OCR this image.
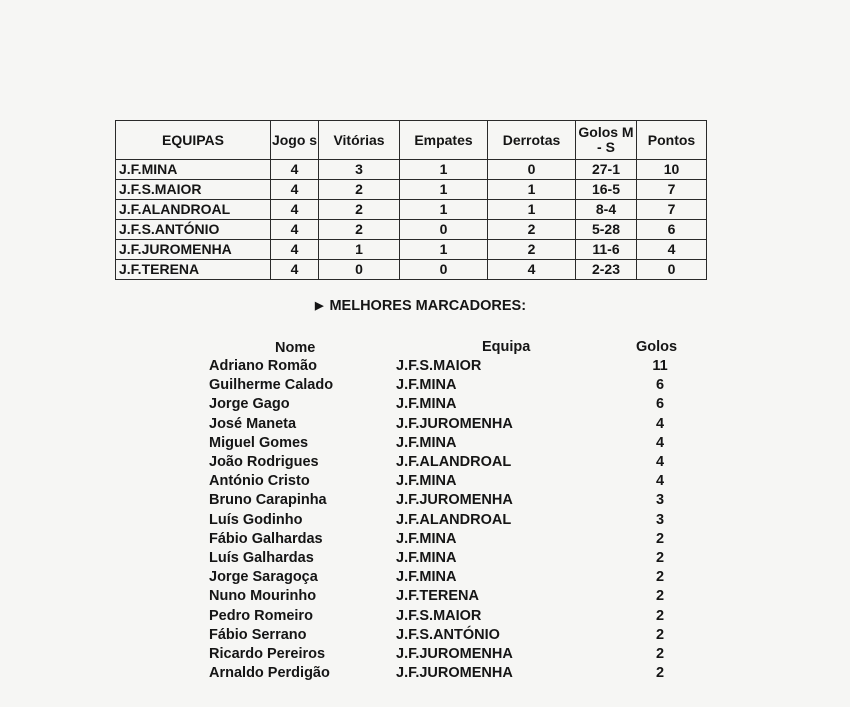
EQUIPAS	Jogo s	Vitórias	Empates	Derrotas	Golos M - S	Pontos
J.F.MINA	4	3	1	0	27-1	10
J.F.S.MAIOR	4	2	1	1	16-5	7
J.F.ALANDROAL	4	2	1	1	8-4	7
J.F.S.ANTÓNIO	4	2	0	2	5-28	6
J.F.JUROMENHA	4	1	1	2	11-6	4
J.F.TERENA	4	0	0	4	2-23	0
▶ MELHORES MARCADORES:
Nome	Equipa	Golos
Adriano Romão	J.F.S.MAIOR	11
Guilherme Calado	J.F.MINA	6
Jorge Gago	J.F.MINA	6
José Maneta	J.F.JUROMENHA	4
Miguel Gomes	J.F.MINA	4
João Rodrigues	J.F.ALANDROAL	4
António Cristo	J.F.MINA	4
Bruno Carapinha	J.F.JUROMENHA	3
Luís Godinho	J.F.ALANDROAL	3
Fábio Galhardas	J.F.MINA	2
Luís Galhardas	J.F.MINA	2
Jorge Saragoça	J.F.MINA	2
Nuno Mourinho	J.F.TERENA	2
Pedro Romeiro	J.F.S.MAIOR	2
Fábio Serrano	J.F.S.ANTÓNIO	2
Ricardo Pereiros	J.F.JUROMENHA	2
Arnaldo Perdigão	J.F.JUROMENHA	2
